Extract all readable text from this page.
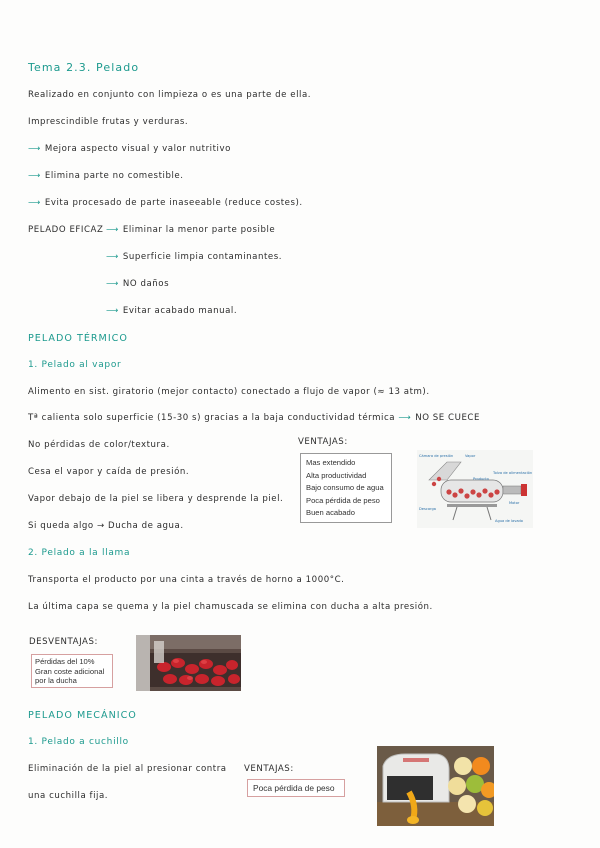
Tema 2.3. Pelado
Realizado en conjunto con limpieza o es una parte de ella.
Imprescindible frutas y verduras.
⟶ Mejora aspecto visual y valor nutritivo
⟶ Elimina parte no comestible.
⟶ Evita procesado de parte inaseeable (reduce costes).
PELADO EFICAZ ⟶ Eliminar la menor parte posible
⟶ Superficie limpia contaminantes.
⟶ NO daños
⟶ Evitar acabado manual.
PELADO TÉRMICO
1. Pelado al vapor
Alimento en sist. giratorio (mejor contacto) conectado a flujo de vapor (≈ 13 atm).
Tª calienta solo superficie (15-30 s) gracias a la baja conductividad térmica ⟶ NO SE CUECE
No pérdidas de color/textura.
Cesa el vapor y caída de presión.
Vapor debajo de la piel se libera y desprende la piel.
Si queda algo → Ducha de agua.
VENTAJAS:
Mas extendido
Alta productividad
Bajo consumo de agua
Poca pérdida de peso
Buen acabado
Cámara de presión	Vapor
Tolva de alimentación
Producto
Descarga
Motor
Agua de lavado
2. Pelado a la llama
Transporta el producto por una cinta a través de horno a 1000°C.
La última capa se quema y la piel chamuscada se elimina con ducha a alta presión.
DESVENTAJAS:
Pérdidas del 10%
Gran coste adicional
por la ducha
PELADO MECÁNICO
1. Pelado a cuchillo
Eliminación de la piel al presionar contra
una cuchilla fija.
VENTAJAS:
Poca pérdida de peso
